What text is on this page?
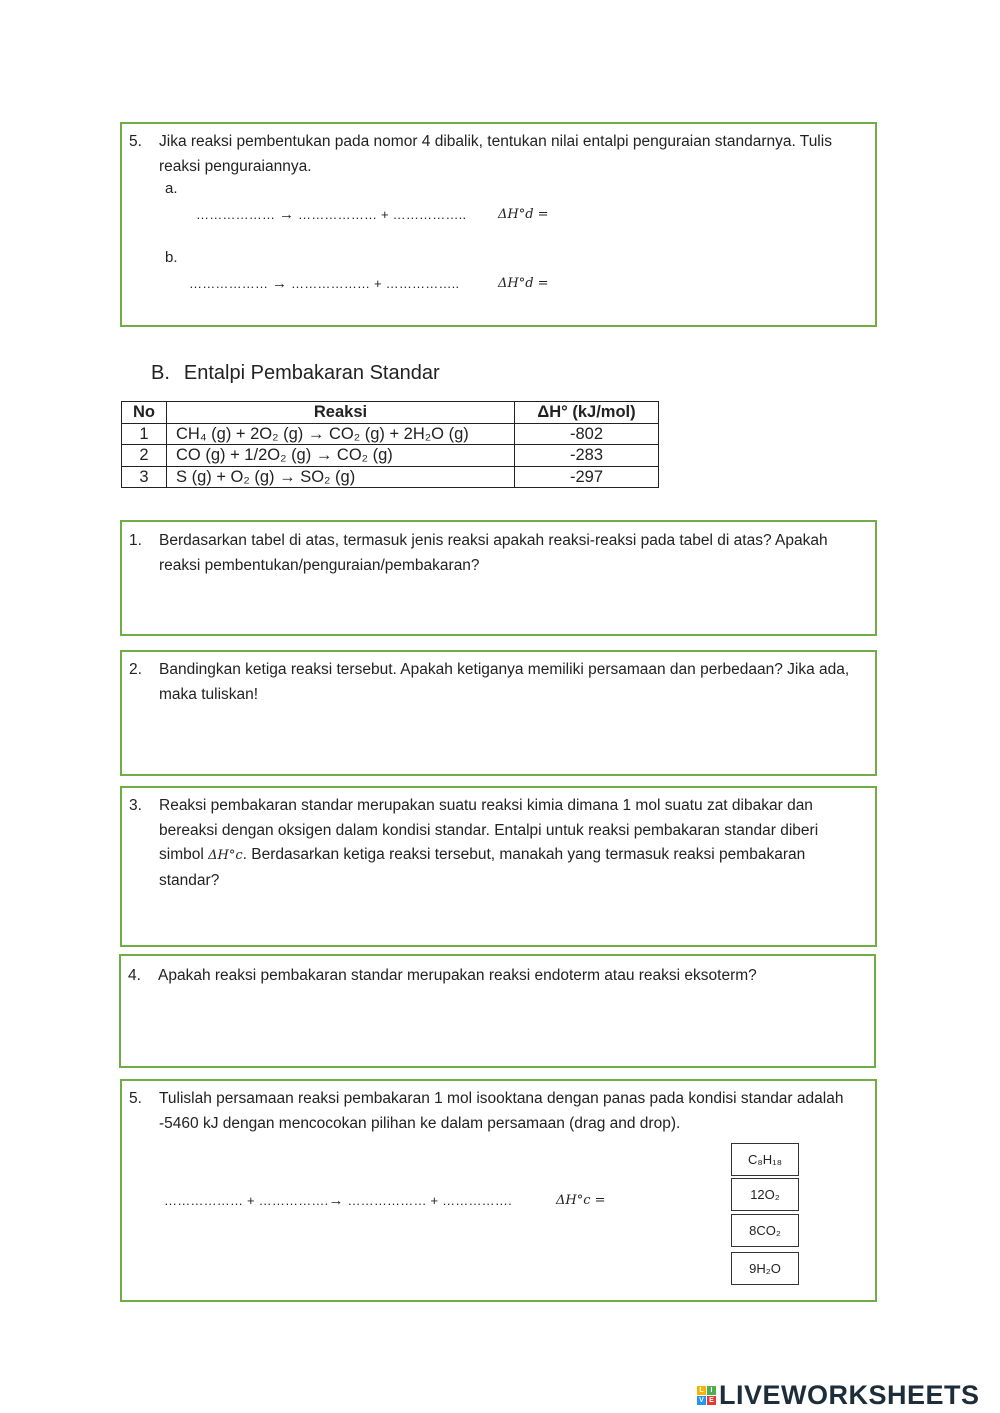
5.	Jika reaksi pembentukan pada nomor 4 dibalik, tentukan nilai entalpi penguraian standarnya. Tulis reaksi penguraiannya.
a.
……………… → ……………… + …………….. ΔH°d =
b.
……………… → ……………… + ……………..	ΔH°d =
B. Entalpi Pembakaran Standar
No	Reaksi	ΔH° (kJ/mol)
1	CH₄ (g) + 2O₂ (g) → CO₂ (g) + 2H₂O (g)	-802
2	CO (g) + 1/2O₂ (g) → CO₂ (g)	-283
3	S (g) + O₂ (g) → SO₂ (g)	-297
1.	Berdasarkan tabel di atas, termasuk jenis reaksi apakah reaksi-reaksi pada tabel di atas? Apakah reaksi pembentukan/penguraian/pembakaran?
2.	Bandingkan ketiga reaksi tersebut. Apakah ketiganya memiliki persamaan dan perbedaan? Jika ada, maka tuliskan!
3.	Reaksi pembakaran standar merupakan suatu reaksi kimia dimana 1 mol suatu zat dibakar dan bereaksi dengan oksigen dalam kondisi standar. Entalpi untuk reaksi pembakaran standar diberi simbol ΔH°c. Berdasarkan ketiga reaksi tersebut, manakah yang termasuk reaksi pembakaran standar?
4.	Apakah reaksi pembakaran standar merupakan reaksi endoterm atau reaksi eksoterm?
5.	Tulislah persamaan reaksi pembakaran 1 mol isooktana dengan panas pada kondisi standar adalah -5460 kJ dengan mencocokan pilihan ke dalam persamaan (drag and drop).
……………… + …………….→ ……………… + …………….	ΔH°c =
C₈H₁₈
12O₂
8CO₂
9H₂O
L I
V E LIVEWORKSHEETS
